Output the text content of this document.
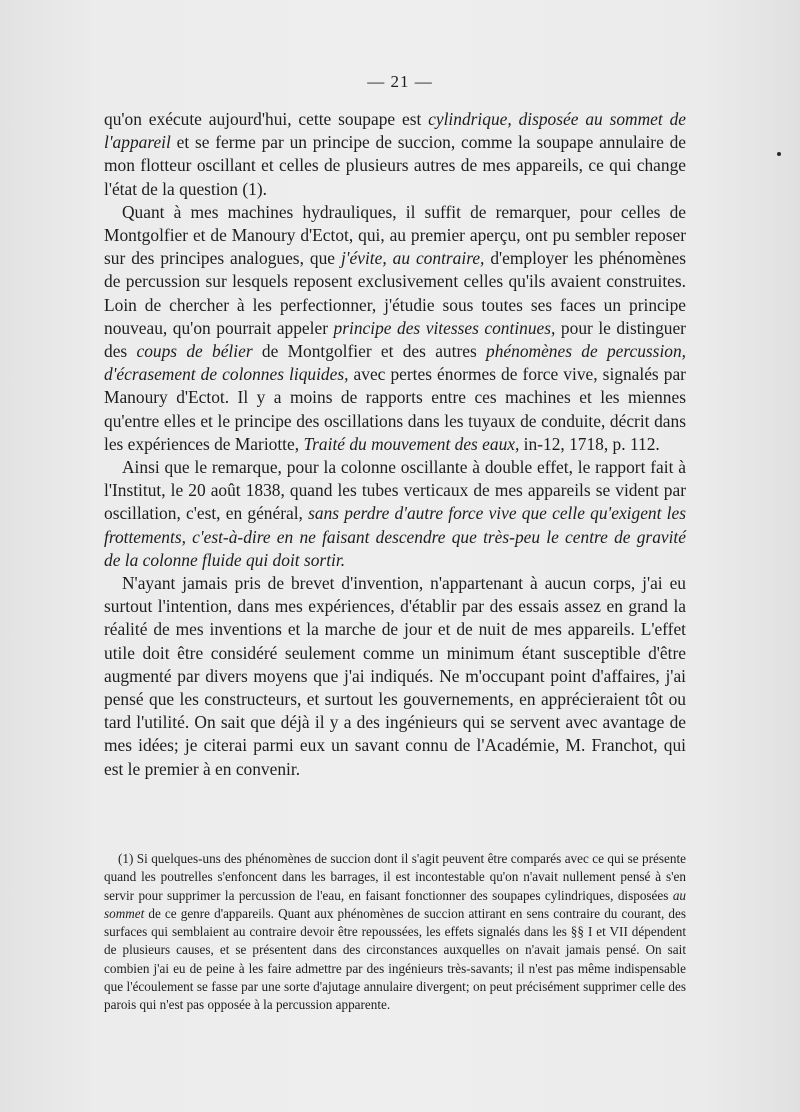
— 21 —

qu'on exécute aujourd'hui, cette soupape est cylindrique, disposée au sommet de l'appareil et se ferme par un principe de succion, comme la soupape annulaire de mon flotteur oscillant et celles de plusieurs autres de mes appareils, ce qui change l'état de la question (1).

Quant à mes machines hydrauliques, il suffit de remarquer, pour celles de Montgolfier et de Manoury d'Ectot, qui, au premier aperçu, ont pu sembler reposer sur des principes analogues, que j'évite, au contraire, d'employer les phénomènes de percussion sur lesquels reposent exclusivement celles qu'ils avaient construites. Loin de chercher à les perfectionner, j'étudie sous toutes ses faces un principe nouveau, qu'on pourrait appeler principe des vitesses continues, pour le distinguer des coups de bélier de Montgolfier et des autres phénomènes de percussion, d'écrasement de colonnes liquides, avec pertes énormes de force vive, signalés par Manoury d'Ectot. Il y a moins de rapports entre ces machines et les miennes qu'entre elles et le principe des oscillations dans les tuyaux de conduite, décrit dans les expériences de Mariotte, Traité du mouvement des eaux, in-12, 1718, p. 112.

Ainsi que le remarque, pour la colonne oscillante à double effet, le rapport fait à l'Institut, le 20 août 1838, quand les tubes verticaux de mes appareils se vident par oscillation, c'est, en général, sans perdre d'autre force vive que celle qu'exigent les frottements, c'est-à-dire en ne faisant descendre que très-peu le centre de gravité de la colonne fluide qui doit sortir.

N'ayant jamais pris de brevet d'invention, n'appartenant à aucun corps, j'ai eu surtout l'intention, dans mes expériences, d'établir par des essais assez en grand la réalité de mes inventions et la marche de jour et de nuit de mes appareils. L'effet utile doit être considéré seulement comme un minimum étant susceptible d'être augmenté par divers moyens que j'ai indiqués. Ne m'occupant point d'affaires, j'ai pensé que les constructeurs, et surtout les gouvernements, en apprécieraient tôt ou tard l'utilité. On sait que déjà il y a des ingénieurs qui se servent avec avantage de mes idées; je citerai parmi eux un savant connu de l'Académie, M. Franchot, qui est le premier à en convenir.

(1) Si quelques-uns des phénomènes de succion dont il s'agit peuvent être comparés avec ce qui se présente quand les poutrelles s'enfoncent dans les barrages, il est incontestable qu'on n'avait nullement pensé à s'en servir pour supprimer la percussion de l'eau, en faisant fonctionner des soupapes cylindriques, disposées au sommet de ce genre d'appareils. Quant aux phénomènes de succion attirant en sens contraire du courant, des surfaces qui semblaient au contraire devoir être repoussées, les effets signalés dans les §§ I et VII dépendent de plusieurs causes, et se présentent dans des circonstances auxquelles on n'avait jamais pensé. On sait combien j'ai eu de peine à les faire admettre par des ingénieurs très-savants; il n'est pas même indispensable que l'écoulement se fasse par une sorte d'ajutage annulaire divergent; on peut précisément supprimer celle des parois qui n'est pas opposée à la percussion apparente.
